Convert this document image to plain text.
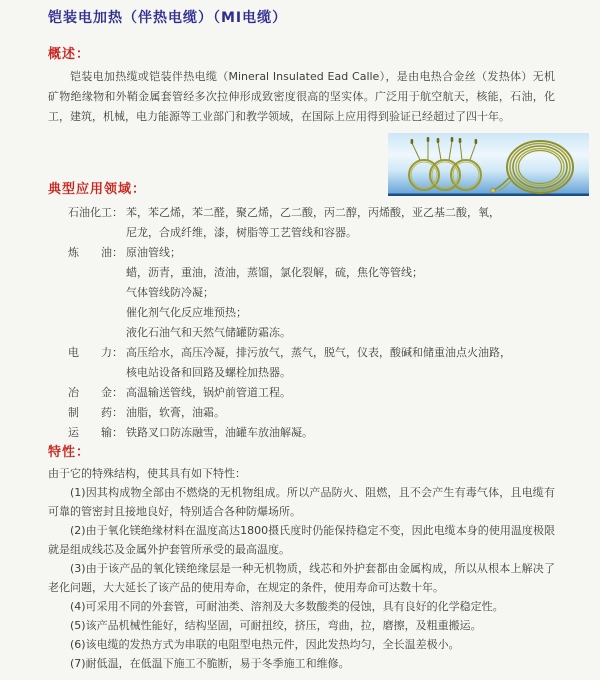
铠装电加热（伴热电缆）（MI电缆）
概述：

铠装电加热缆或铠装伴热电缆（Mineral Insulated Ead Calle），是由电热合金丝（发热体）无机矿物绝缘物和外鞘金属套管经多次拉伸形成致密度很高的坚实体。广泛用于航空航天，核能，石油，化工，建筑，机械，电力能源等工业部门和教学领域，在国际上应用得到验证已经超过了四十年。

典型应用领域：
石油化工： 苯，苯乙烯，苯二醛，聚乙烯，乙二酸，丙二醇，丙烯酸，亚乙基二酸，氧，
尼龙，合成纤维，漆，树脂等工艺管线和容器。
炼　　油： 原油管线；
蜡，沥青，重油，渣油，蒸馏，氯化裂解，硫，焦化等管线；
气体管线防冷凝；
催化剂气化反应堆预热；
液化石油气和天然气储罐防霜冻。
电　　力： 高压给水，高压冷凝，排污放气，蒸气，脱气，仪表，酸碱和储重油点火油路，
核电站设备和回路及螺栓加热器。
冶　　金： 高温输送管线，锅炉前管道工程。
制　　药： 油脂，软膏，油霜。
运　　输： 铁路叉口防冻融雪，油罐车放油解凝。
特性：

由于它的特殊结构，使其具有如下特性：

(1)因其构成物全部由不燃烧的无机物组成。所以产品防火、阻燃，且不会产生有毒气体，且电缆有可靠的管密封且接地良好，特别适合各种防爆场所。

(2)由于氧化镁绝缘材料在温度高达1800摄氏度时仍能保持稳定不变，因此电缆本身的使用温度极限就是组成线芯及金属外护套管所承受的最高温度。

(3)由于该产品的氧化镁绝缘层是一种无机物质，线芯和外护套都由金属构成，所以从根本上解决了老化问题，大大延长了该产品的使用寿命，在规定的条件，使用寿命可达数十年。

(4)可采用不同的外套管，可耐油类、溶剂及大多数酸类的侵蚀，具有良好的化学稳定性。

(5)该产品机械性能好，结构坚固，可耐扭绞，挤压，弯曲，拉，磨擦，及粗重搬运。

(6)该电缆的发热方式为串联的电阻型电热元件，因此发热均匀，全长温差极小。

(7)耐低温，在低温下施工不脆断，易于冬季施工和维修。
